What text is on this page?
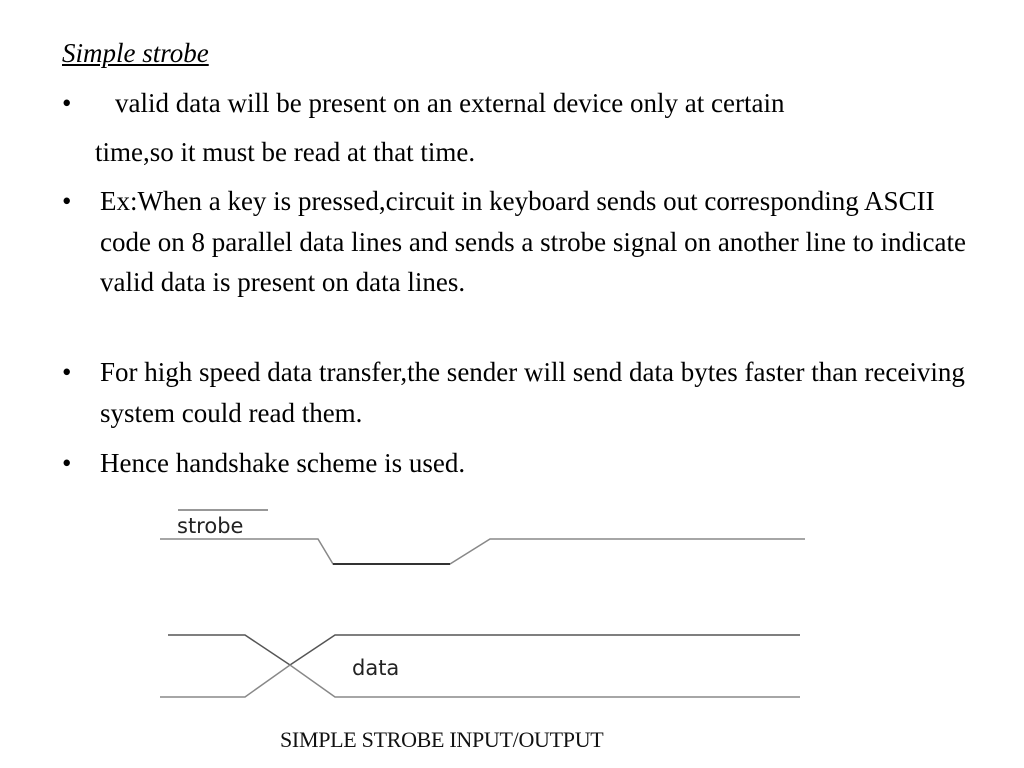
Simple strobe
•	valid data will be present on an external device only at certain
time,so it must be read at that time.
•	Ex:When a key is pressed,circuit in keyboard sends out corresponding ASCII code on 8 parallel data lines and sends a strobe signal on another line to indicate valid data is present on data lines.
•	For high speed data transfer,the sender will send data bytes faster than receiving system could read them.
•	Hence handshake scheme is used.
strobe
data
SIMPLE STROBE INPUT/OUTPUT
